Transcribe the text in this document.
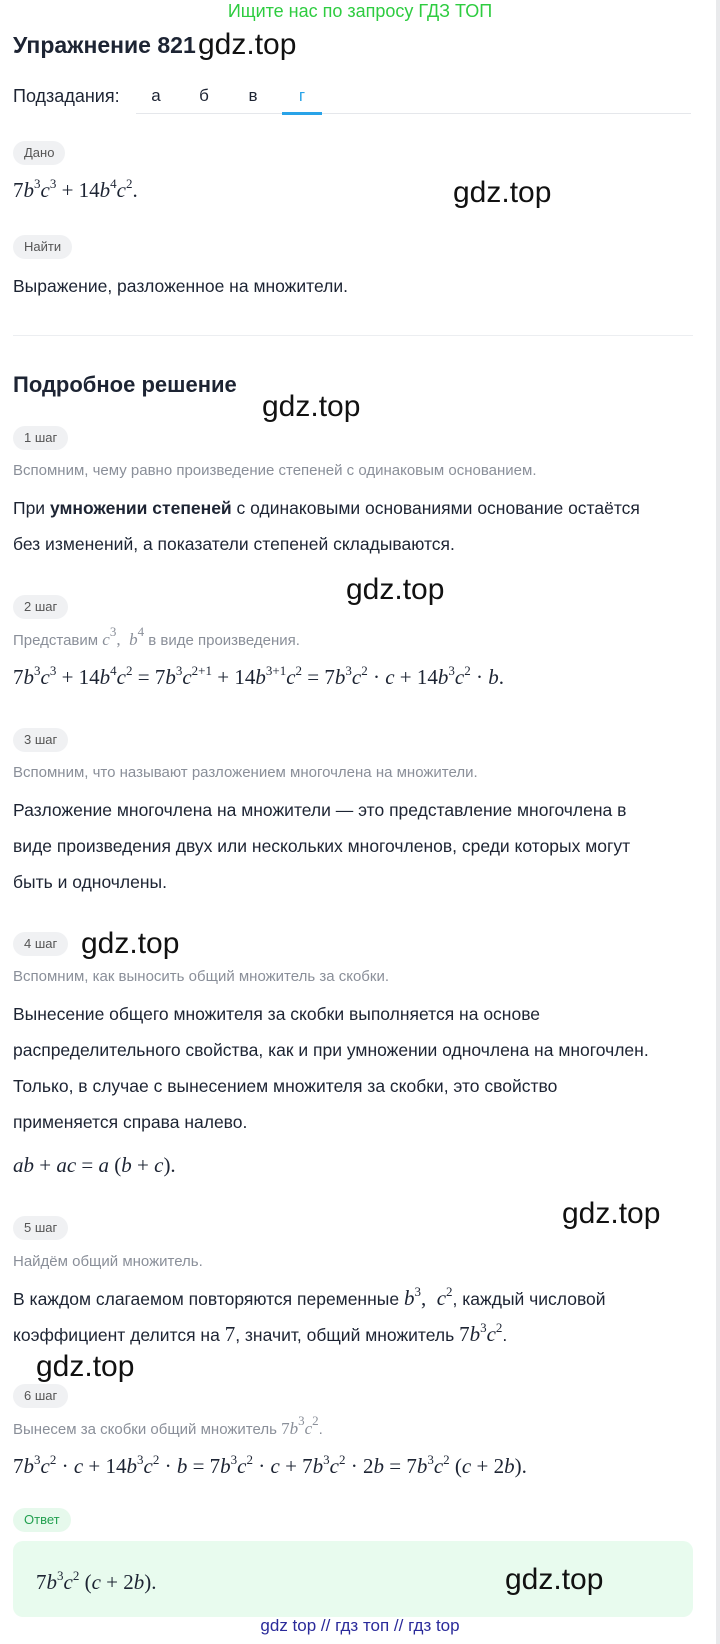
Ищите нас по запросу ГДЗ ТОП
Упражнение 821 gdz.top
Подзадания:	а	б	в	г
Дано
$7b^3c^3 + 14b^4c^2$.	gdz.top
Найти
Выражение, разложенное на множители.
Подробное решение
gdz.top
1 шаг
Вспомним, чему равно произведение степеней с одинаковым основанием.
При умножении степеней с одинаковыми основаниями основание остаётся
без изменений, а показатели степеней складываются.
2 шаг
gdz.top
Представим $c^3$,  $b^4$ в виде произведения.
$7b^3c^3 + 14b^4c^2 = 7b^3c^{2+1} + 14b^{3+1}c^2 = 7b^3c^2 \cdot c + 14b^3c^2 \cdot b$.
3 шаг
Вспомним, что называют разложением многочлена на множители.
Разложение многочлена на множители — это представление многочлена в
виде произведения двух или нескольких многочленов, среди которых могут
быть и одночлены.
4 шаг gdz.top
Вспомним, как выносить общий множитель за скобки.
Вынесение общего множителя за скобки выполняется на основе
распределительного свойства, как и при умножении одночлена на многочлен.
Только, в случае с вынесением множителя за скобки, это свойство
применяется справа налево.
ab + ac = a (b + c).
5 шаг	gdz.top
Найдём общий множитель.
В каждом слагаемом повторяются переменные $b^3$,  $c^2$, каждый числовой
коэффициент делится на 7, значит, общий множитель $7b^3c^2$.
gdz.top
6 шаг
Вынесем за скобки общий множитель $7b^3c^2$.
$7b^3c^2 \cdot c + 14b^3c^2 \cdot b = 7b^3c^2 \cdot c + 7b^3c^2 \cdot 2b = 7b^3c^2$ (c + 2b).
Ответ
$7b^3c^2$ (c + 2b).	gdz.top
gdz top // гдз топ // гдз top
